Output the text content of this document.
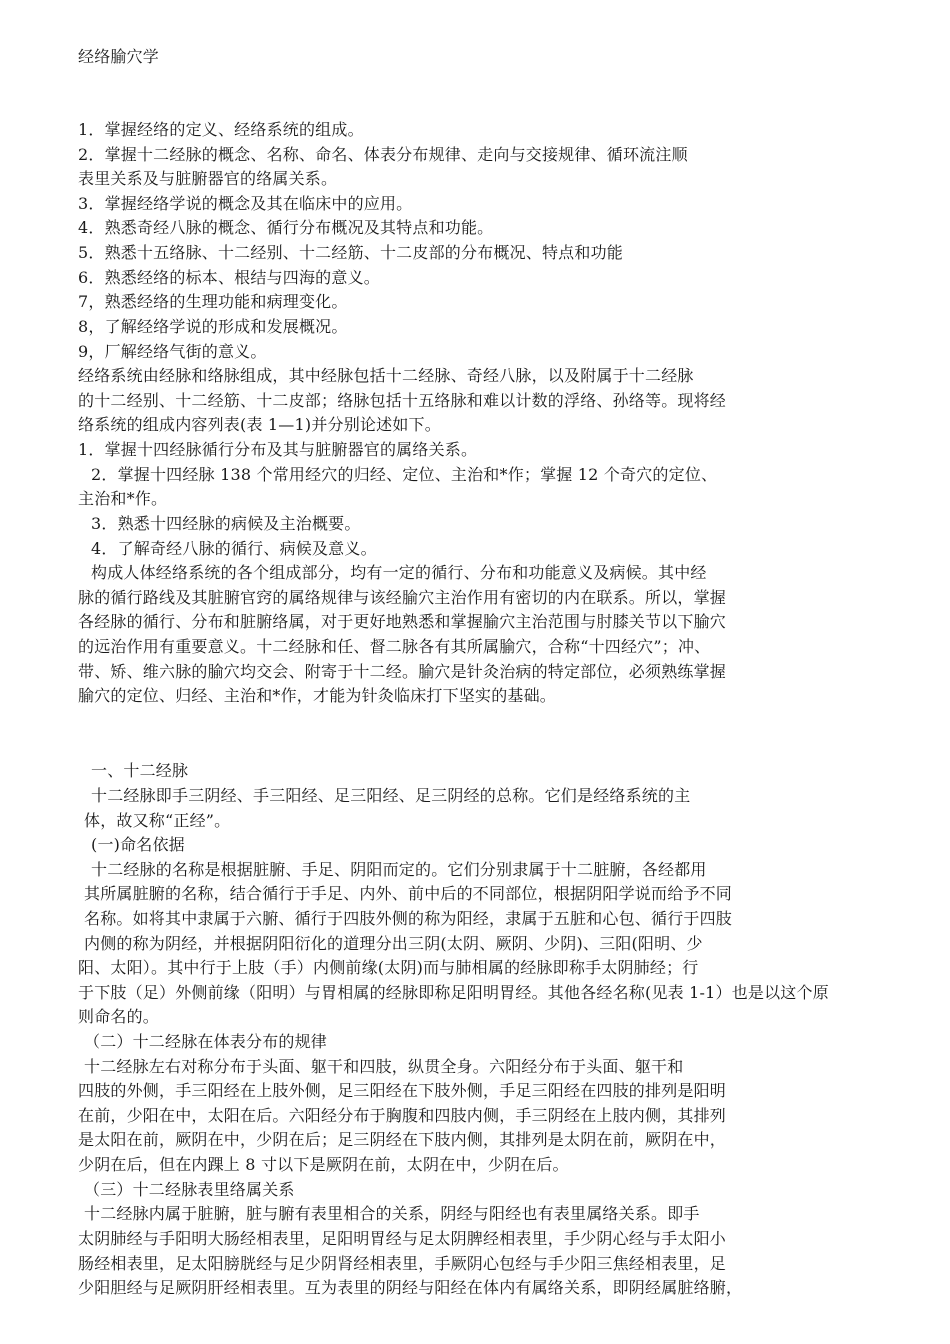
经络腧穴学
1．掌握经络的定义、经络系统的组成。
2．掌握十二经脉的概念、名称、命名、体表分布规律、走向与交接规律、循环流注顺
表里关系及与脏腑器官的络属关系。
3．掌握经络学说的概念及其在临床中的应用。
4．熟悉奇经八脉的概念、循行分布概况及其特点和功能。
5．熟悉十五络脉、十二经别、十二经筋、十二皮部的分布概况、特点和功能
6．熟悉经络的标本、根结与四海的意义。
7，熟悉经络的生理功能和病理变化。
8，了解经络学说的形成和发展概况。
9，厂解经络气街的意义。
经络系统由经脉和络脉组成，其中经脉包括十二经脉、奇经八脉，以及附属于十二经脉
的十二经别、十二经筋、十二皮部；络脉包括十五络脉和难以计数的浮络、孙络等。现将经
络系统的组成内容列表(表 1—1)并分别论述如下。
1．掌握十四经脉循行分布及其与脏腑器官的属络关系。
2．掌握十四经脉 138 个常用经穴的归经、定位、主治和*作；掌握 12 个奇穴的定位、
主治和*作。
3．熟悉十四经脉的病候及主治概要。
4．了解奇经八脉的循行、病候及意义。
构成人体经络系统的各个组成部分，均有一定的循行、分布和功能意义及病候。其中经
脉的循行路线及其脏腑官窍的属络规律与该经腧穴主治作用有密切的内在联系。所以，掌握
各经脉的循行、分布和脏腑络属，对于更好地熟悉和掌握腧穴主治范围与肘膝关节以下腧穴
的远治作用有重要意义。十二经脉和任、督二脉各有其所属腧穴，合称“十四经穴”；冲、
带、矫、维六脉的腧穴均交会、附寄于十二经。腧穴是针灸治病的特定部位，必须熟练掌握
腧穴的定位、归经、主治和*作，才能为针灸临床打下坚实的基础。
一、十二经脉
十二经脉即手三阴经、手三阳经、足三阳经、足三阴经的总称。它们是经络系统的主
体，故又称“正经”。
(一)命名依据
十二经脉的名称是根据脏腑、手足、阴阳而定的。它们分别隶属于十二脏腑，各经都用
其所属脏腑的名称，结合循行于手足、内外、前中后的不同部位，根据阴阳学说而给予不同
名称。如将其中隶属于六腑、循行于四肢外侧的称为阳经，隶属于五脏和心包、循行于四肢
内侧的称为阴经，并根据阴阳衍化的道理分出三阴(太阴、厥阴、少阴)、三阳(阳明、少
阳、太阳）。其中行于上肢（手）内侧前缘(太阴)而与肺相属的经脉即称手太阴肺经；行
于下肢（足）外侧前缘（阳明）与胃相属的经脉即称足阳明胃经。其他各经名称(见表 1-1）也是以这个原
则命名的。
（二）十二经脉在体表分布的规律
十二经脉左右对称分布于头面、躯干和四肢，纵贯全身。六阳经分布于头面、躯干和
四肢的外侧，手三阳经在上肢外侧，足三阳经在下肢外侧，手足三阳经在四肢的排列是阳明
在前，少阳在中，太阳在后。六阳经分布于胸腹和四肢内侧，手三阴经在上肢内侧，其排列
是太阳在前，厥阴在中，少阴在后；足三阴经在下肢内侧，其排列是太阴在前，厥阴在中，
少阴在后，但在内踝上 8 寸以下是厥阴在前，太阴在中，少阴在后。
（三）十二经脉表里络属关系
十二经脉内属于脏腑，脏与腑有表里相合的关系，阴经与阳经也有表里属络关系。即手
太阴肺经与手阳明大肠经相表里，足阳明胃经与足太阴脾经相表里，手少阴心经与手太阳小
肠经相表里，足太阳膀胱经与足少阴肾经相表里，手厥阴心包经与手少阳三焦经相表里，足
少阳胆经与足厥阴肝经相表里。互为表里的阴经与阳经在体内有属络关系，即阴经属脏络腑，
